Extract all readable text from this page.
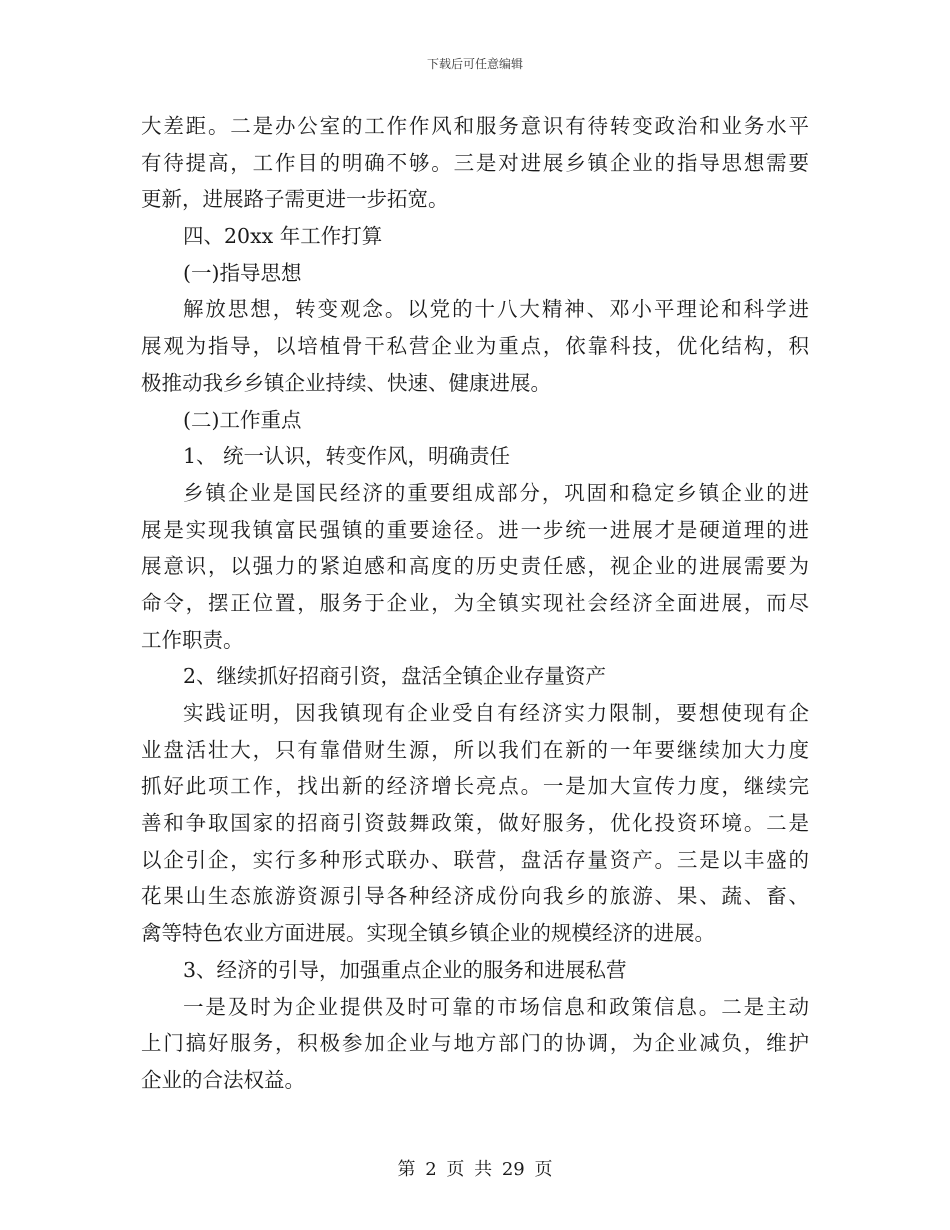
下载后可任意编辑
大差距。二是办公室的工作作风和服务意识有待转变政治和业务水平
有待提高，工作目的明确不够。三是对进展乡镇企业的指导思想需要
更新，进展路子需更进一步拓宽。
四、20xx 年工作打算
(一)指导思想
解放思想，转变观念。以党的十八大精神、邓小平理论和科学进
展观为指导，以培植骨干私营企业为重点，依靠科技，优化结构，积
极推动我乡乡镇企业持续、快速、健康进展。
(二)工作重点
1、 统一认识，转变作风，明确责任
乡镇企业是国民经济的重要组成部分，巩固和稳定乡镇企业的进
展是实现我镇富民强镇的重要途径。进一步统一进展才是硬道理的进
展意识，以强力的紧迫感和高度的历史责任感，视企业的进展需要为
命令，摆正位置，服务于企业，为全镇实现社会经济全面进展，而尽
工作职责。
2、继续抓好招商引资，盘活全镇企业存量资产
实践证明，因我镇现有企业受自有经济实力限制，要想使现有企
业盘活壮大，只有靠借财生源，所以我们在新的一年要继续加大力度
抓好此项工作，找出新的经济增长亮点。一是加大宣传力度，继续完
善和争取国家的招商引资鼓舞政策，做好服务，优化投资环境。二是
以企引企，实行多种形式联办、联营，盘活存量资产。三是以丰盛的
花果山生态旅游资源引导各种经济成份向我乡的旅游、果、蔬、畜、
禽等特色农业方面进展。实现全镇乡镇企业的规模经济的进展。
3、经济的引导，加强重点企业的服务和进展私营
一是及时为企业提供及时可靠的市场信息和政策信息。二是主动
上门搞好服务，积极参加企业与地方部门的协调，为企业减负，维护
企业的合法权益。
第 2 页 共 29 页
